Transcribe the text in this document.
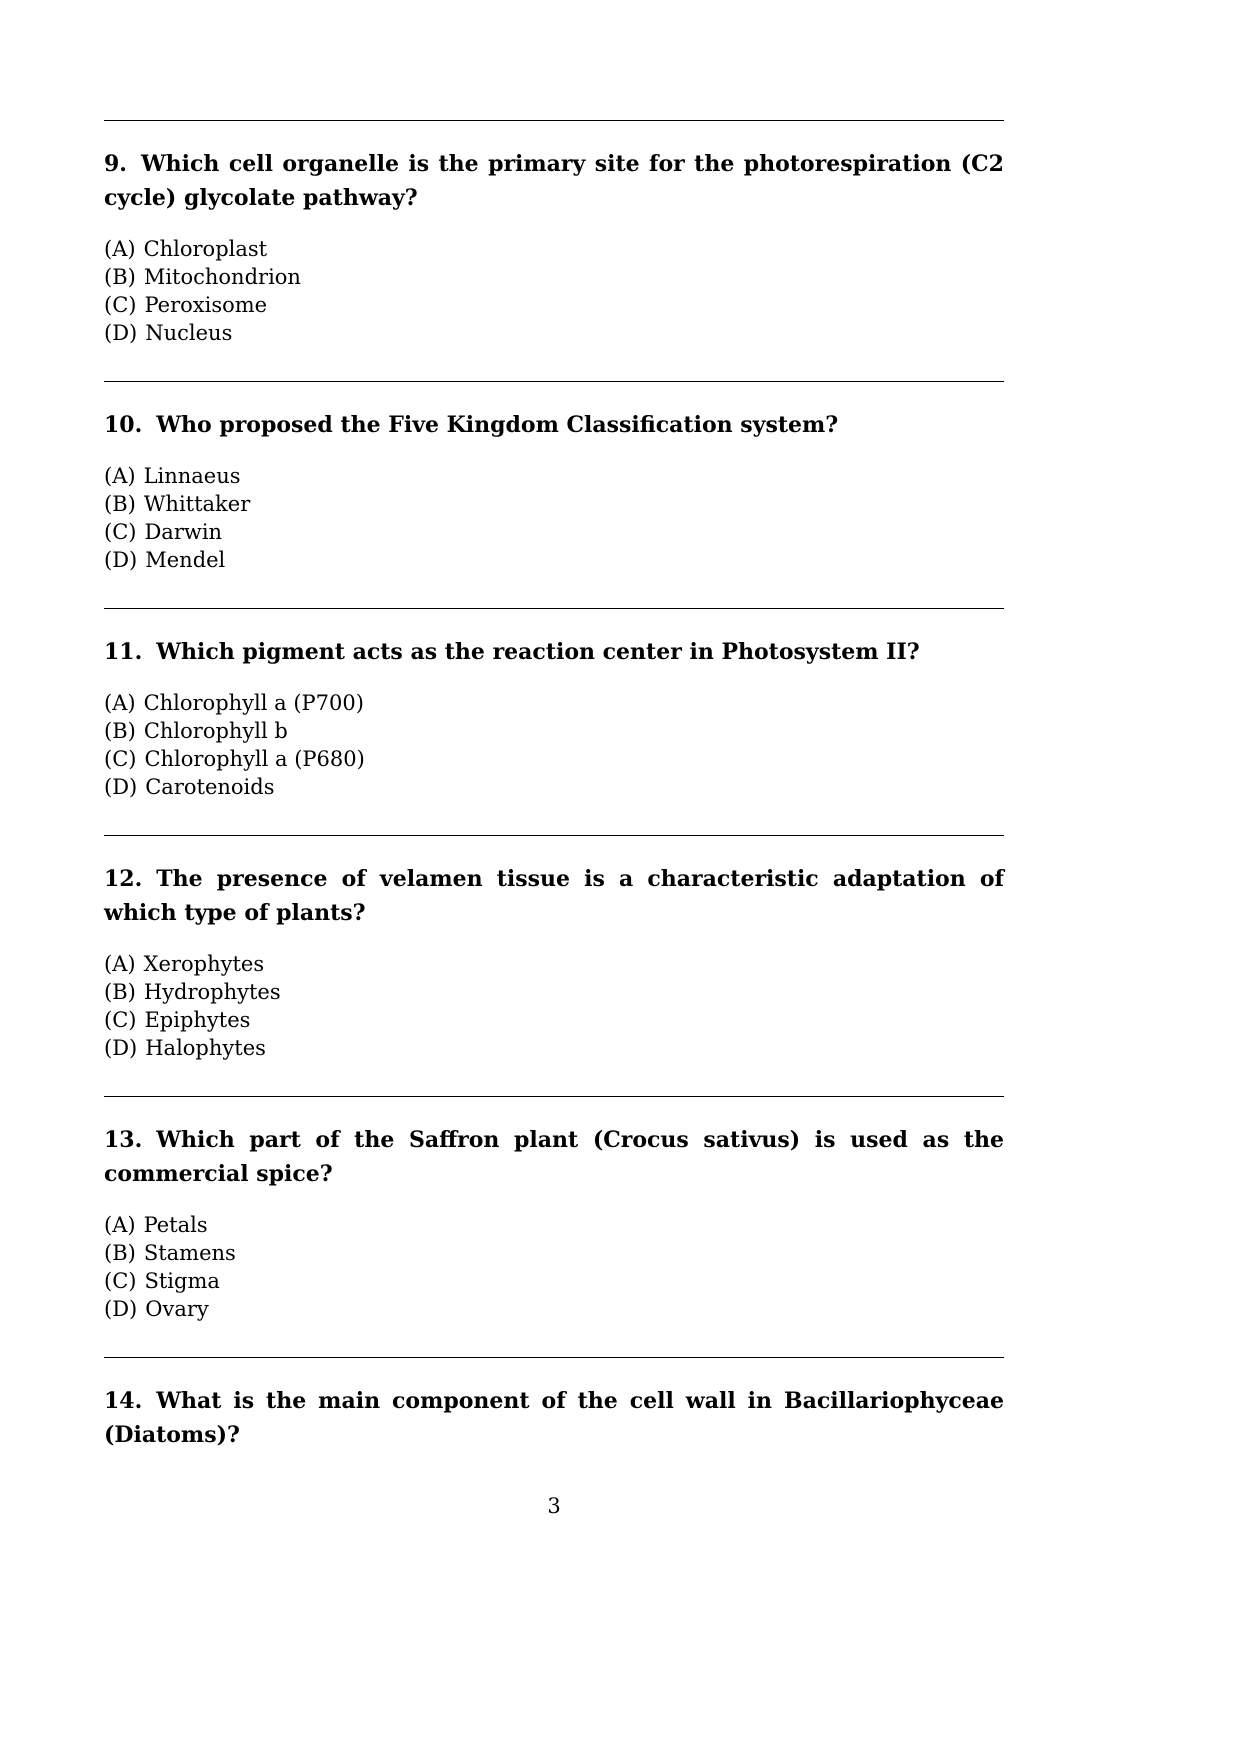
9. Which cell organelle is the primary site for the photorespiration (C2 cycle) glycolate pathway?
(A) Chloroplast
(B) Mitochondrion
(C) Peroxisome
(D) Nucleus
10. Who proposed the Five Kingdom Classification system?
(A) Linnaeus
(B) Whittaker
(C) Darwin
(D) Mendel
11. Which pigment acts as the reaction center in Photosystem II?
(A) Chlorophyll a (P700)
(B) Chlorophyll b
(C) Chlorophyll a (P680)
(D) Carotenoids
12. The presence of velamen tissue is a characteristic adaptation of which type of plants?
(A) Xerophytes
(B) Hydrophytes
(C) Epiphytes
(D) Halophytes
13. Which part of the Saffron plant (Crocus sativus) is used as the commercial spice?
(A) Petals
(B) Stamens
(C) Stigma
(D) Ovary
14. What is the main component of the cell wall in Bacillariophyceae (Diatoms)?
3
